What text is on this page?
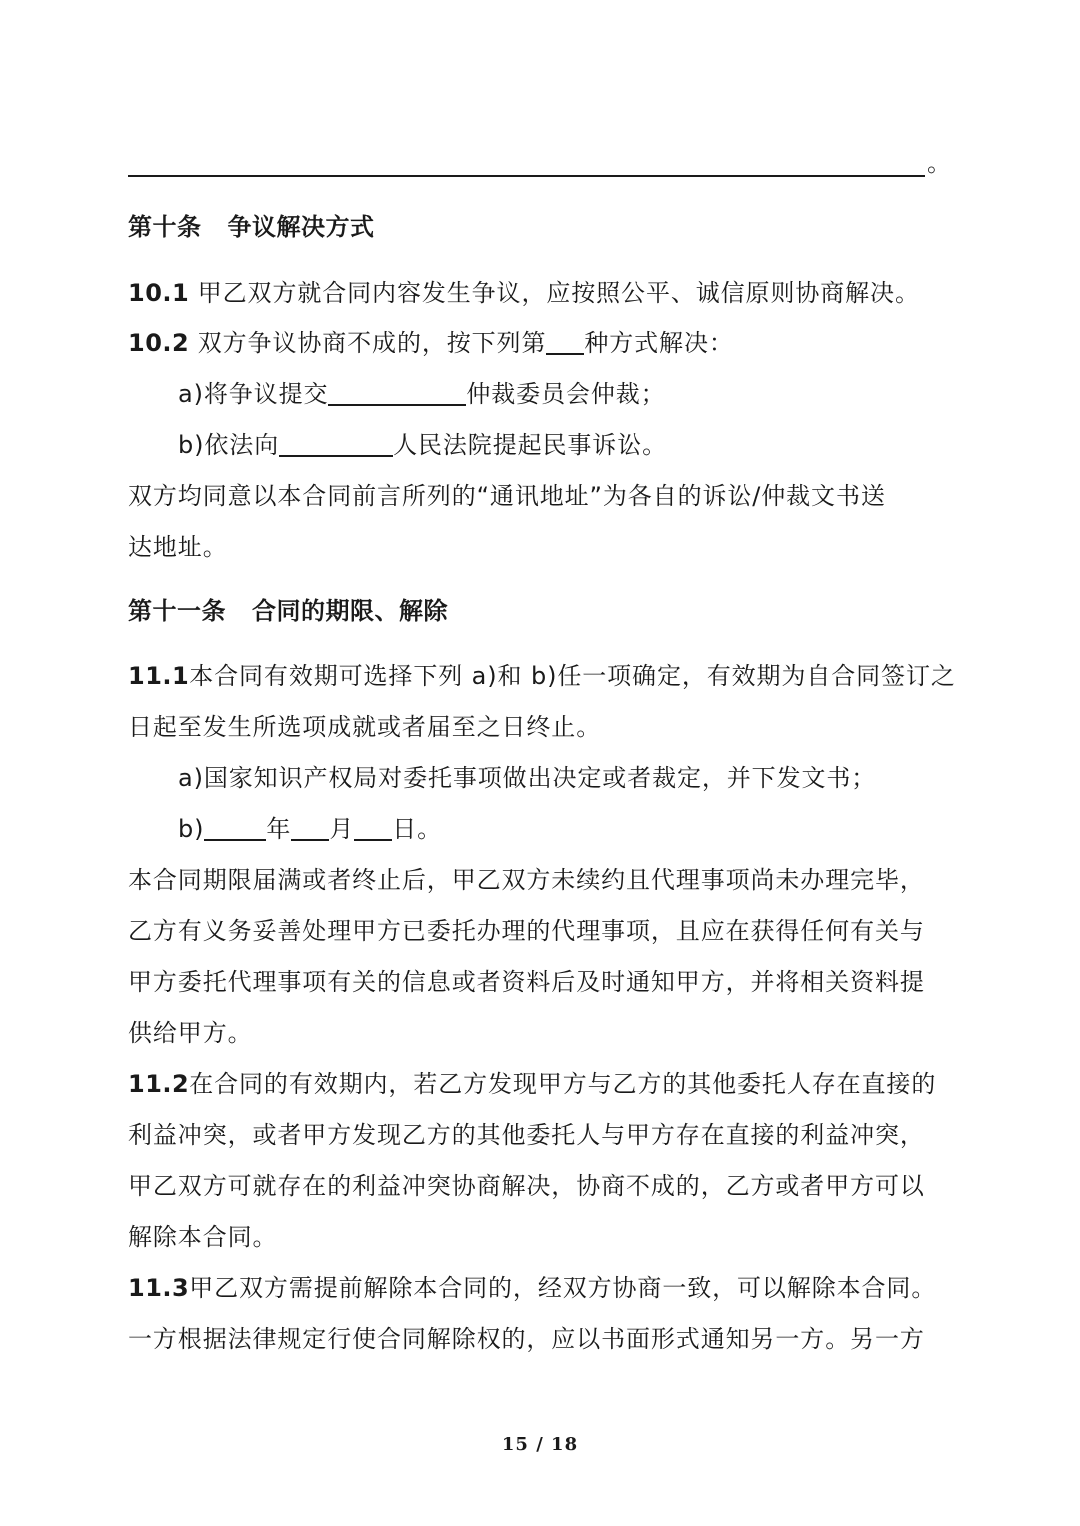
。
第十条 争议解决方式
10.1 甲乙双方就合同内容发生争议，应按照公平、诚信原则协商解决。
10.2 双方争议协商不成的，按下列第 种方式解决：
a)将争议提交	仲裁委员会仲裁；
b)依法向	人民法院提起民事诉讼。
双方均同意以本合同前言所列的“通讯地址”为各自的诉讼/仲裁文书送
达地址。
第十一条 合同的期限、解除
11.1本合同有效期可选择下列 a)和 b)任一项确定，有效期为自合同签订之
日起至发生所选项成就或者届至之日终止。
a)国家知识产权局对委托事项做出决定或者裁定，并下发文书；
b)	年 月 日。
本合同期限届满或者终止后，甲乙双方未续约且代理事项尚未办理完毕，
乙方有义务妥善处理甲方已委托办理的代理事项，且应在获得任何有关与
甲方委托代理事项有关的信息或者资料后及时通知甲方，并将相关资料提
供给甲方。
11.2在合同的有效期内，若乙方发现甲方与乙方的其他委托人存在直接的
利益冲突，或者甲方发现乙方的其他委托人与甲方存在直接的利益冲突，
甲乙双方可就存在的利益冲突协商解决，协商不成的，乙方或者甲方可以
解除本合同。
11.3甲乙双方需提前解除本合同的，经双方协商一致，可以解除本合同。
一方根据法律规定行使合同解除权的，应以书面形式通知另一方。另一方
15 / 18
